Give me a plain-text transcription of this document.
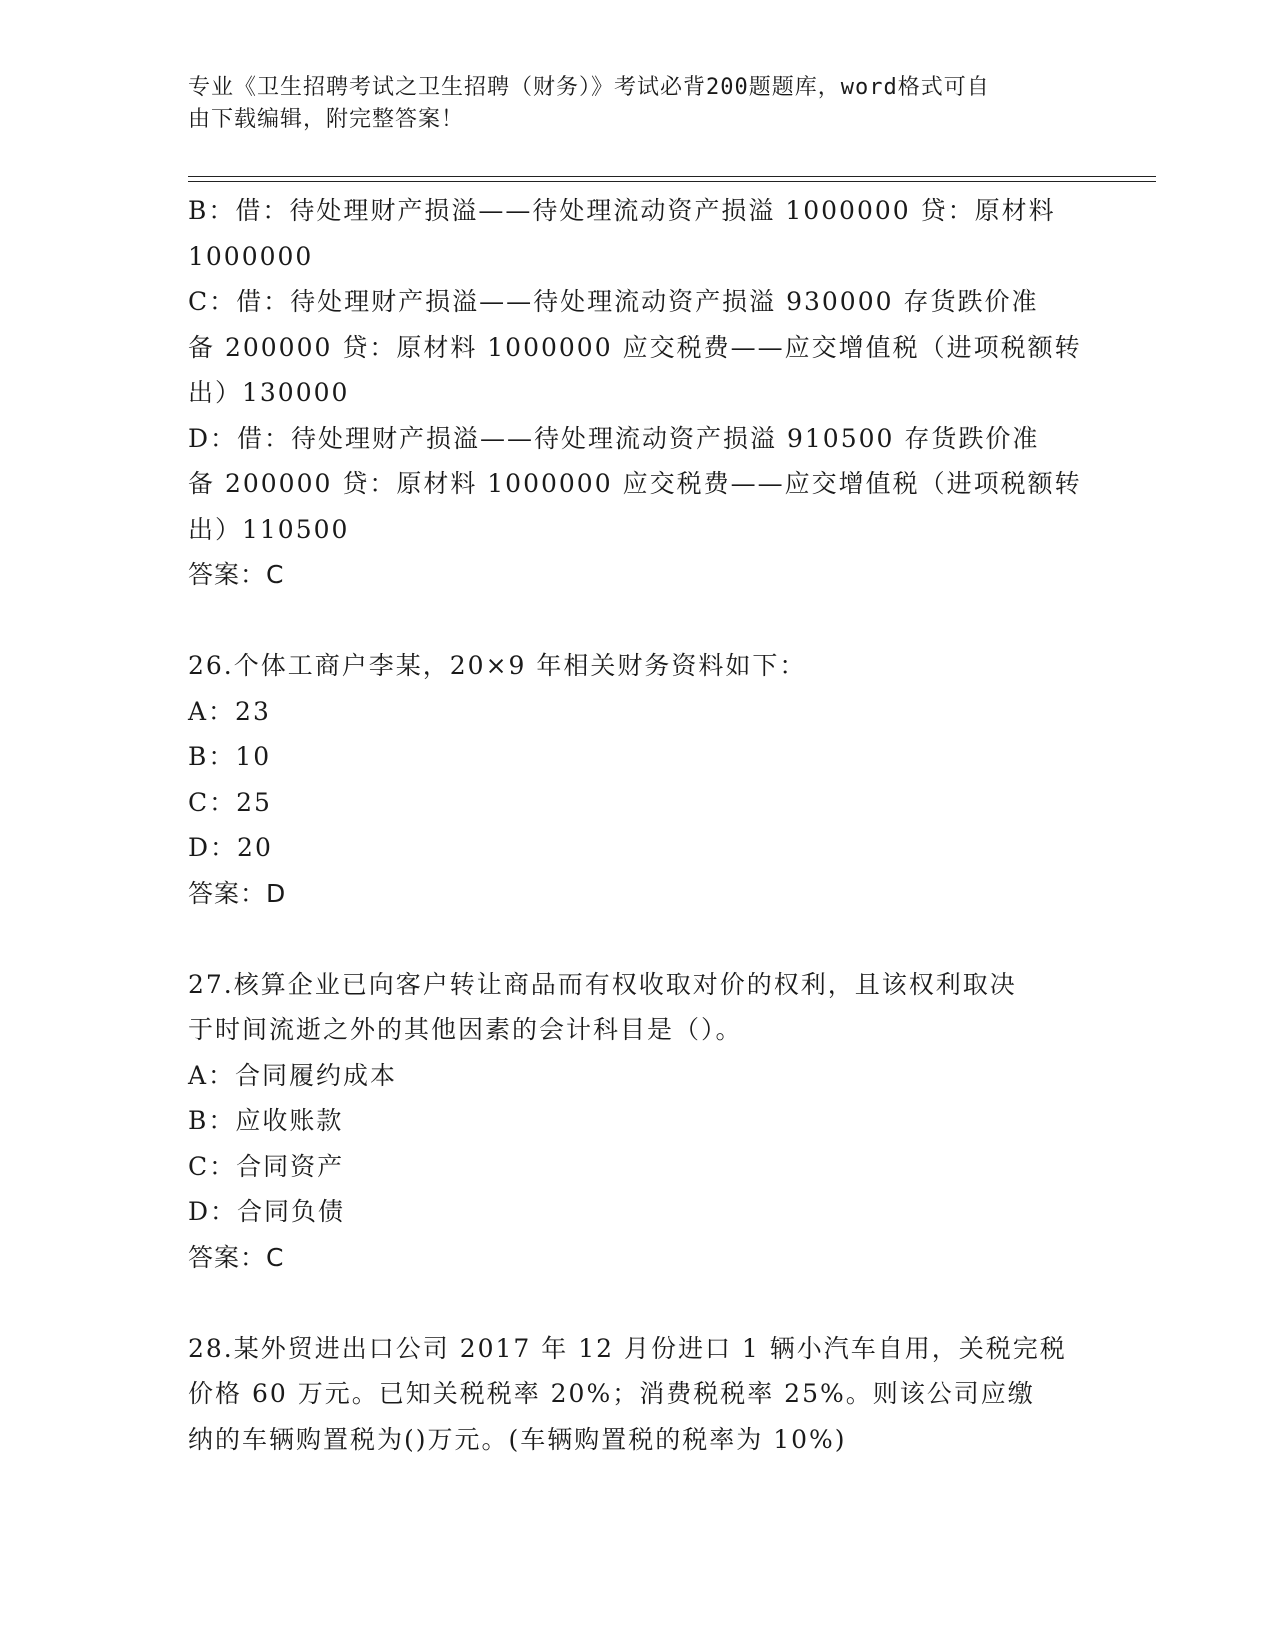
专业《卫生招聘考试之卫生招聘（财务）》考试必背200题题库，word格式可自
由下载编辑，附完整答案！
B：借：待处理财产损溢——待处理流动资产损溢 1000000 贷：原材料
1000000
C：借：待处理财产损溢——待处理流动资产损溢 930000 存货跌价准
备 200000 贷：原材料 1000000 应交税费——应交增值税（进项税额转
出）130000
D：借：待处理财产损溢——待处理流动资产损溢 910500 存货跌价准
备 200000 贷：原材料 1000000 应交税费——应交增值税（进项税额转
出）110500
答案：C
26.个体工商户李某，20×9 年相关财务资料如下：
A：23
B：10
C：25
D：20
答案：D
27.核算企业已向客户转让商品而有权收取对价的权利，且该权利取决
于时间流逝之外的其他因素的会计科目是（）。
A：合同履约成本
B：应收账款
C：合同资产
D：合同负债
答案：C
28.某外贸进出口公司 2017 年 12 月份进口 1 辆小汽车自用，关税完税
价格 60 万元。已知关税税率 20%；消费税税率 25%。则该公司应缴
纳的车辆购置税为()万元。(车辆购置税的税率为 10%)
